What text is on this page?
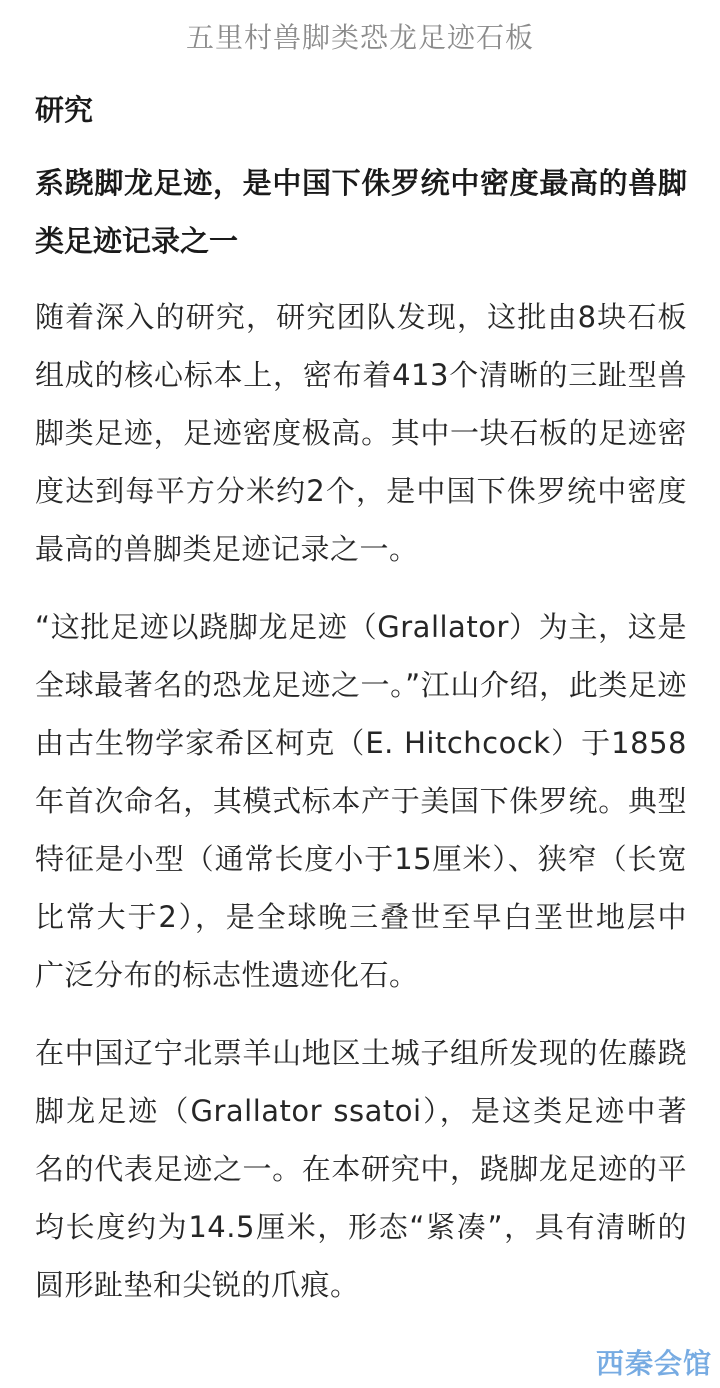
五里村兽脚类恐龙足迹石板
研究
系跷脚龙足迹，是中国下侏罗统中密度最高的兽脚类足迹记录之一

随着深入的研究，研究团队发现，这批由8块石板组成的核心标本上，密布着413个清晰的三趾型兽脚类足迹，足迹密度极高。其中一块石板的足迹密度达到每平方分米约2个，是中国下侏罗统中密度最高的兽脚类足迹记录之一。

“这批足迹以跷脚龙足迹（Grallator）为主，这是全球最著名的恐龙足迹之一。”江山介绍，此类足迹由古生物学家希区柯克（E. Hitchcock）于1858年首次命名，其模式标本产于美国下侏罗统。典型特征是小型（通常长度小于15厘米）、狭窄（长宽比常大于2），是全球晚三叠世至早白垩世地层中广泛分布的标志性遗迹化石。

在中国辽宁北票羊山地区土城子组所发现的佐藤跷脚龙足迹（Grallator ssatoi），是这类足迹中著名的代表足迹之一。在本研究中，跷脚龙足迹的平均长度约为14.5厘米，形态“紧凑”，具有清晰的圆形趾垫和尖锐的爪痕。

西秦会馆
